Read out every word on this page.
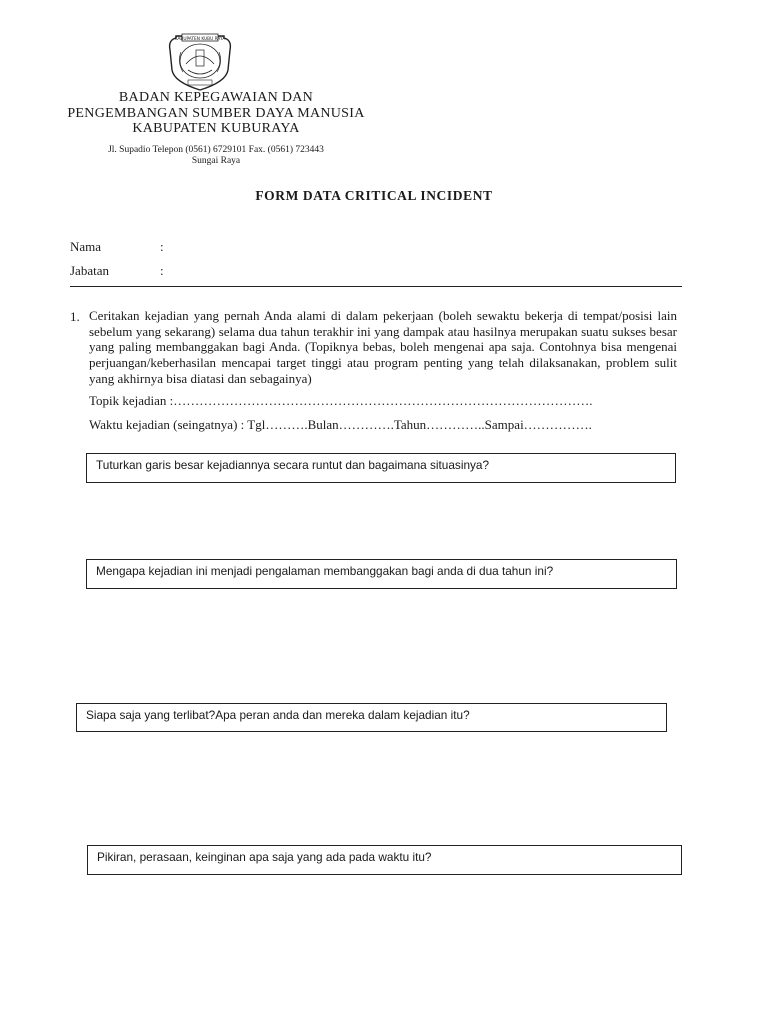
KABUPATEN KUBU RAYA
BADAN KEPEGAWAIAN DAN
PENGEMBANGAN SUMBER DAYA MANUSIA
KABUPATEN KUBURAYA
Jl. Supadio Telepon (0561) 6729101 Fax. (0561) 723443
Sungai Raya
FORM DATA CRITICAL INCIDENT
Nama	:
Jabatan	:
1. Ceritakan kejadian yang pernah Anda alami di dalam pekerjaan (boleh sewaktu bekerja di tempat/posisi lain sebelum yang sekarang) selama dua tahun terakhir ini yang dampak atau hasilnya merupakan suatu sukses besar yang paling membanggakan bagi Anda. (Topiknya bebas, boleh mengenai apa saja. Contohnya bisa mengenai perjuangan/keberhasilan mencapai target tinggi atau program penting yang telah dilaksanakan, problem sulit yang akhirnya bisa diatasi dan sebagainya)
Topik kejadian :…………………………………………………………………………………….
Waktu kejadian (seingatnya) : Tgl……….Bulan………….Tahun…………..Sampai…………….
Tuturkan garis besar kejadiannya secara runtut dan bagaimana situasinya?
Mengapa kejadian ini menjadi pengalaman membanggakan bagi anda di dua tahun ini?
Siapa saja yang terlibat?Apa peran anda dan mereka dalam kejadian itu?
Pikiran, perasaan, keinginan apa saja yang ada pada waktu itu?
